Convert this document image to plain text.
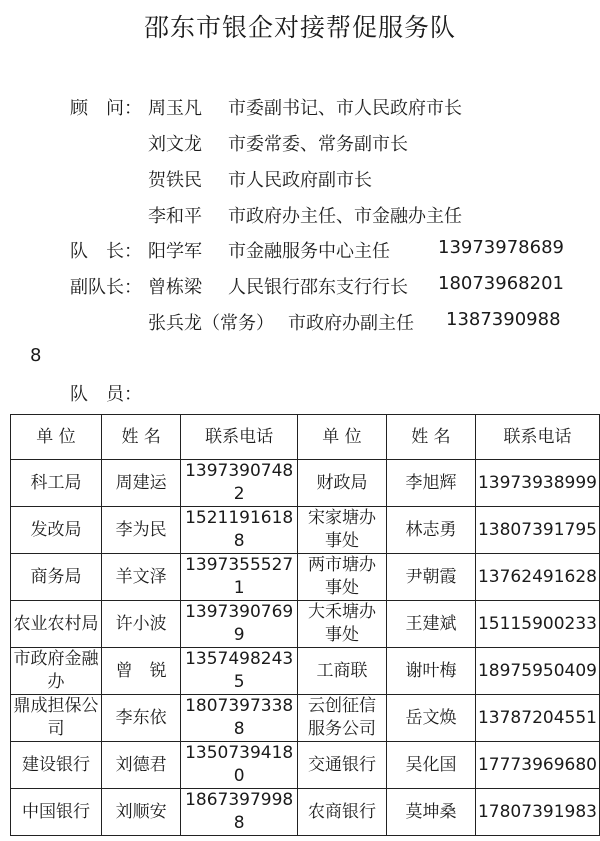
邵东市银企对接帮促服务队
顾　问： 周玉凡 市委副书记、市人民政府市长
刘文龙 市委常委、常务副市长
贺铁民 市人民政府副市长
李和平 市政府办主任、市金融办主任
队　长： 阳学军 市金融服务中心主任	13973978689
副队长： 曾栋梁 人民银行邵东支行行长 18073968201
张兵龙（常务） 市政府办副主任 1387390988
8
队　员：
单 位	姓 名	联系电话	单 位	姓 名	联系电话
科工局	周建运	13973907482	财政局	李旭辉	13973938999
发改局	李为民	15211916188	宋家塘办事处	林志勇	13807391795
商务局	羊文泽	13973555271	两市塘办事处	尹朝霞	13762491628
农业农村局	许小波	13973907699	大禾塘办事处	王建斌	15115900233
市政府金融办	曾　锐	13574982435	工商联	谢叶梅	18975950409
鼎成担保公司	李东依	18073973388	云创征信服务公司	岳文焕	13787204551
建设银行	刘德君	13507394180	交通银行	吴化国	17773969680
中国银行	刘顺安	18673979988	农商银行	莫坤桑	17807391983
